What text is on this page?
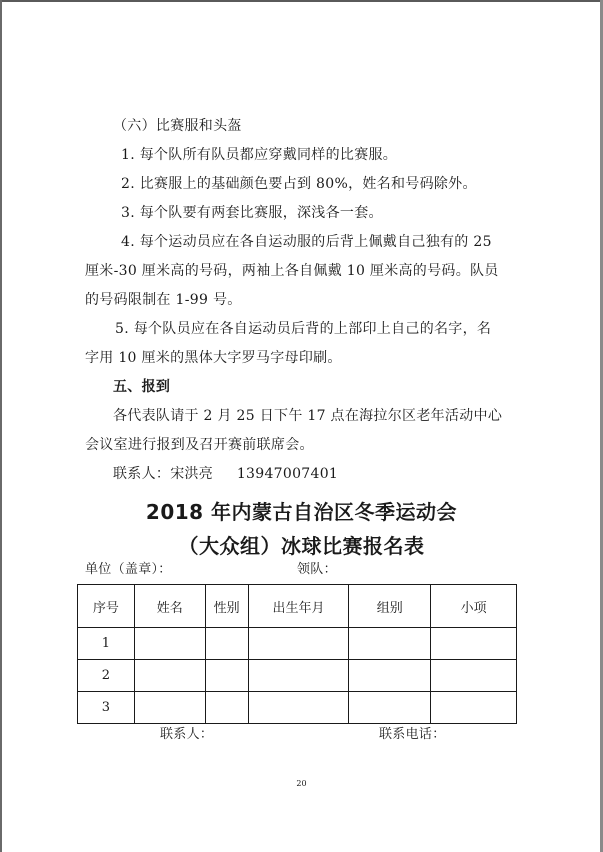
（六）比赛服和头盔
1. 每个队所有队员都应穿戴同样的比赛服。
2. 比赛服上的基础颜色要占到 80%，姓名和号码除外。
3. 每个队要有两套比赛服，深浅各一套。
4. 每个运动员应在各自运动服的后背上佩戴自己独有的 25
厘米-30 厘米高的号码，两袖上各自佩戴 10 厘米高的号码。队员
的号码限制在 1-99 号。
5. 每个队员应在各自运动员后背的上部印上自己的名字，名
字用 10 厘米的黑体大字罗马字母印刷。
五、报到
各代表队请于 2 月 25 日下午 17 点在海拉尔区老年活动中心
会议室进行报到及召开赛前联席会。
联系人：宋洪亮     13947007401
2018 年内蒙古自治区冬季运动会
（大众组）冰球比赛报名表
单位（盖章）：	领队：
序号	姓名	性别	出生年月	组别	小项
1					
2					
3					
联系人：	联系电话：
20
